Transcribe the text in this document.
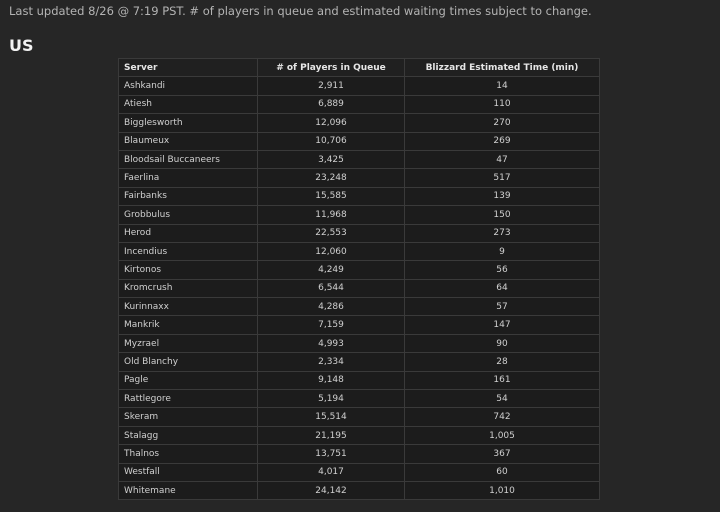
Last updated 8/26 @ 7:19 PST. # of players in queue and estimated waiting times subject to change.
US
Server	# of Players in Queue	Blizzard Estimated Time (min)
Ashkandi	2,911	14
Atiesh	6,889	110
Bigglesworth	12,096	270
Blaumeux	10,706	269
Bloodsail Buccaneers	3,425	47
Faerlina	23,248	517
Fairbanks	15,585	139
Grobbulus	11,968	150
Herod	22,553	273
Incendius	12,060	9
Kirtonos	4,249	56
Kromcrush	6,544	64
Kurinnaxx	4,286	57
Mankrik	7,159	147
Myzrael	4,993	90
Old Blanchy	2,334	28
Pagle	9,148	161
Rattlegore	5,194	54
Skeram	15,514	742
Stalagg	21,195	1,005
Thalnos	13,751	367
Westfall	4,017	60
Whitemane	24,142	1,010
